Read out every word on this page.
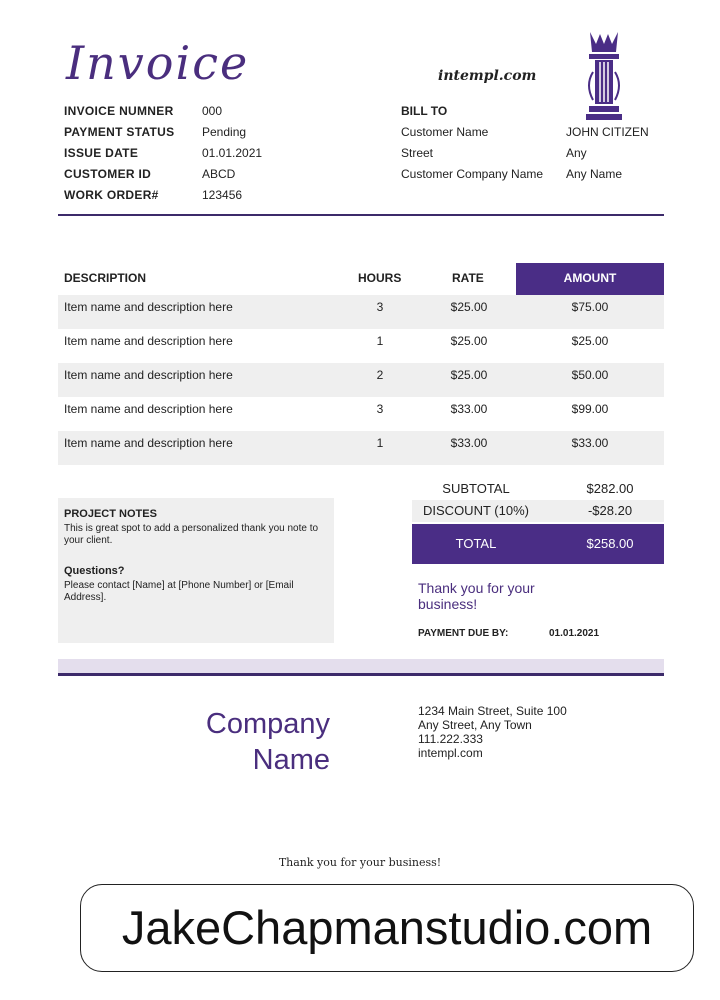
Invoice	intempl.com
INVOICE NUMNER	000
PAYMENT STATUS	Pending
ISSUE DATE	01.01.2021
CUSTOMER ID	ABCD
WORK ORDER#	123456
BILL TO
Customer Name	JOHN CITIZEN
Street	Any
Customer Company Name	Any Name
DESCRIPTION	HOURS	RATE	AMOUNT
Item name and description here	3	$25.00	$75.00
Item name and description here	1	$25.00	$25.00
Item name and description here	2	$25.00	$50.00
Item name and description here	3	$33.00	$99.00
Item name and description here	1	$33.00	$33.00
PROJECT NOTES
This is great spot to add a personalized thank you note to your client.
Questions?
Please contact [Name] at [Phone Number] or [Email Address].
SUBTOTAL	$282.00
DISCOUNT (10%)	-$28.20
TOTAL	$258.00
Thank you for your business!
PAYMENT DUE BY:	01.01.2021
Company
Name
1234 Main Street, Suite 100
Any Street, Any Town
111.222.333
intempl.com
Thank you for your business!
JakeChapmanstudio.com
